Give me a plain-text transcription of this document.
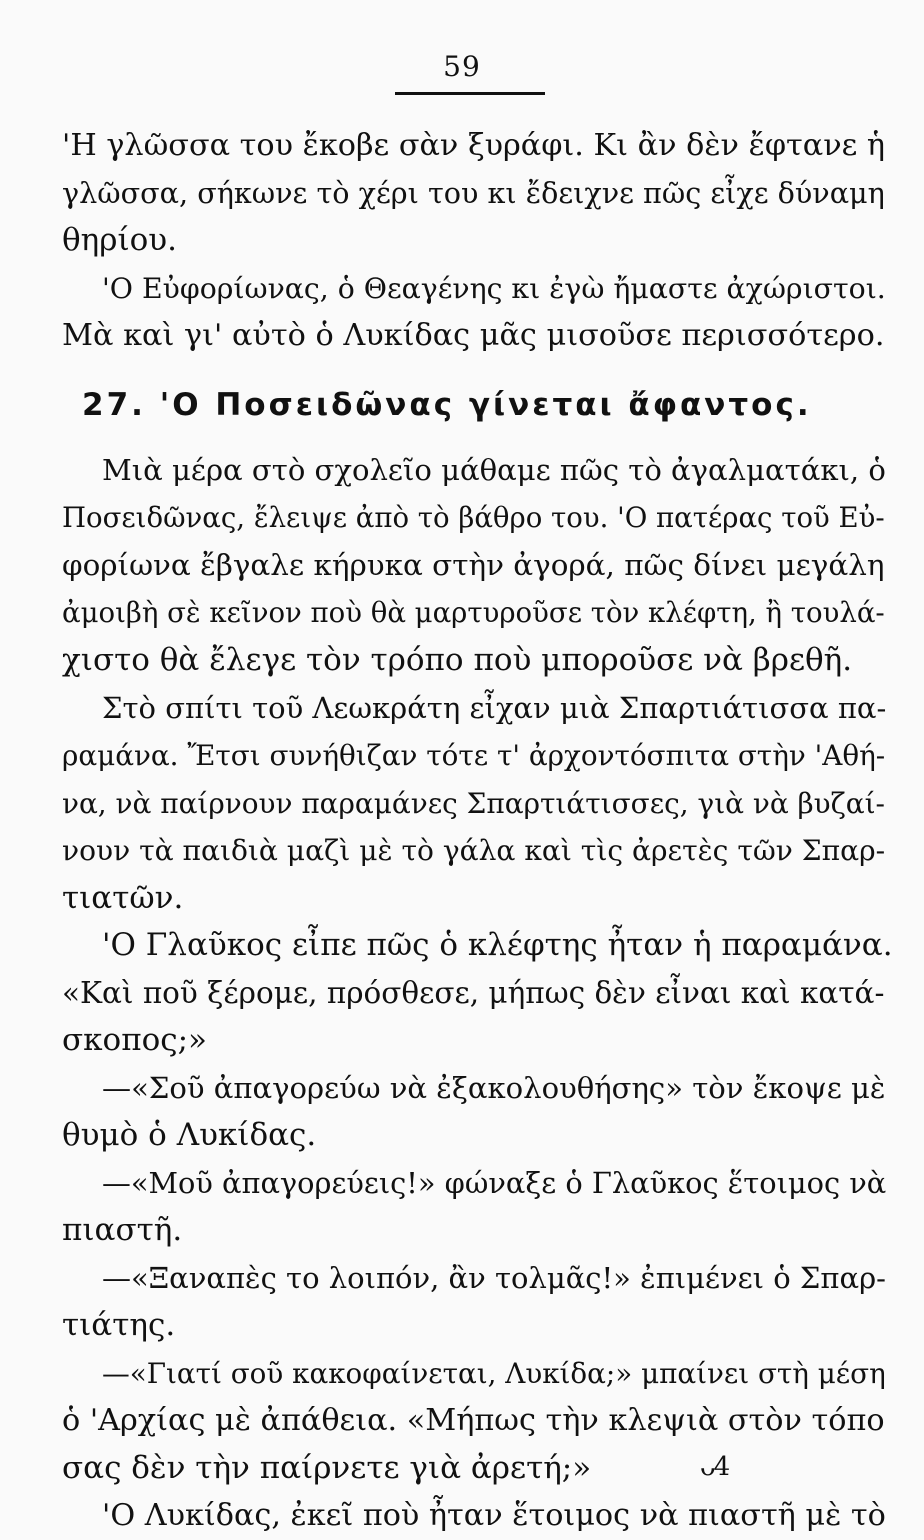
59
'Η γλῶσσα του ἔκοβε σὰν ξυράφι. Κι ἂν δὲν ἔφτανε ἡ
γλῶσσα, σήκωνε τὸ χέρι του κι ἔδειχνε πῶς εἶχε δύναμη
θηρίου.
'Ο Εὐφορίωνας, ὁ Θεαγένης κι ἐγὼ ἤμαστε ἀχώριστοι.
Μὰ καὶ γι' αὐτὸ ὁ Λυκίδας μᾶς μισοῦσε περισσότερο.
27. 'Ο Ποσειδῶνας γίνεται ἄφαντος.
Μιὰ μέρα στὸ σχολεῖο μάθαμε πῶς τὸ ἀγαλματάκι, ὁ
Ποσειδῶνας, ἔλειψε ἀπὸ τὸ βάθρο του. 'Ο πατέρας τοῦ Εὐ-
φορίωνα ἔβγαλε κήρυκα στὴν ἀγορά, πῶς δίνει μεγάλη
ἀμοιβὴ σὲ κεῖνον ποὺ θὰ μαρτυροῦσε τὸν κλέφτη, ἢ τουλά-
χιστο θὰ ἔλεγε τὸν τρόπο ποὺ μποροῦσε νὰ βρεθῆ.
Στὸ σπίτι τοῦ Λεωκράτη εἶχαν μιὰ Σπαρτιάτισσα πα-
ραμάνα. Ἔτσι συνήθιζαν τότε τ' ἀρχοντόσπιτα στὴν 'Αθή-
να, νὰ παίρνουν παραμάνες Σπαρτιάτισσες, γιὰ νὰ βυζαί-
νουν τὰ παιδιὰ μαζὶ μὲ τὸ γάλα καὶ τὶς ἀρετὲς τῶν Σπαρ-
τιατῶν.
'Ο Γλαῦκος εἶπε πῶς ὁ κλέφτης ἦταν ἡ παραμάνα.
«Καὶ ποῦ ξέρομε, πρόσθεσε, μήπως δὲν εἶναι καὶ κατά-
σκοπος;»
—«Σοῦ ἀπαγορεύω νὰ ἐξακολουθήσης» τὸν ἔκοψε μὲ
θυμὸ ὁ Λυκίδας.
—«Μοῦ ἀπαγορεύεις!» φώναξε ὁ Γλαῦκος ἕτοιμος νὰ
πιαστῆ.
—«Ξαναπὲς το λοιπόν, ἂν τολμᾶς!» ἐπιμένει ὁ Σπαρ-
τιάτης.
—«Γιατί σοῦ κακοφαίνεται, Λυκίδα;» μπαίνει στὴ μέση
ὁ 'Αρχίας μὲ ἀπάθεια. «Μήπως τὴν κλεψιὰ στὸν τόπο
σας δὲν τὴν παίρνετε γιὰ ἀρετή;»
'Ο Λυκίδας, ἐκεῖ ποὺ ἦταν ἕτοιμος νὰ πιαστῆ μὲ τὸ
ᴗ4
